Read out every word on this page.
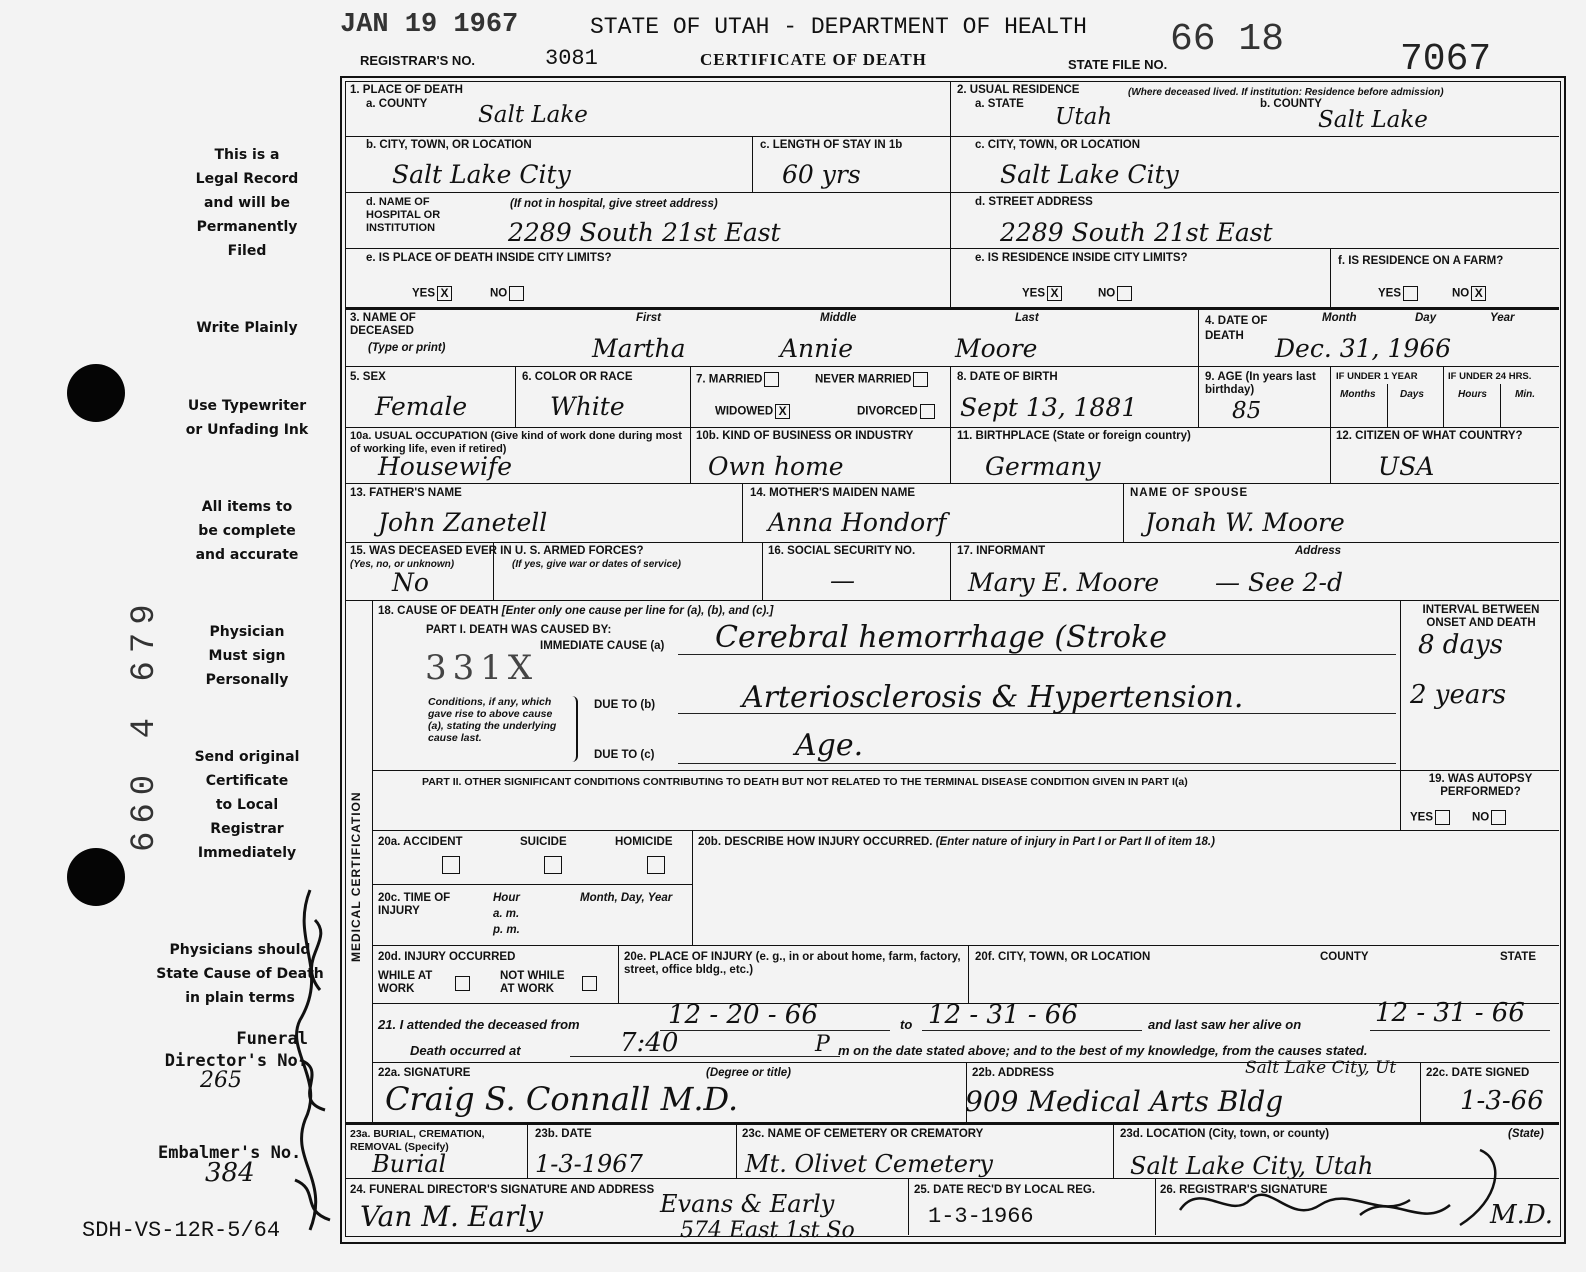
JAN 19 1967	STATE OF UTAH - DEPARTMENT OF HEALTH
REGISTRAR'S NO.	3081	CERTIFICATE OF DEATH	STATE FILE NO.
66 18	7067
This is a
Legal Record
and will be
Permanently
Filed
Write Plainly
Use Typewriter
or Unfading Ink
All items to
be complete
and accurate
Physician
Must sign
Personally
Send original
Certificate
to Local
Registrar
Immediately
Physicians should
State Cause of Death
in plain terms
660 4 679
Funeral
Director's No.
265
Embalmer's No.
384
SDH-VS-12R-5/64
1. PLACE OF DEATH
a. COUNTY Salt Lake
2. USUAL RESIDENCE	(Where deceased lived. If institution: Residence before admission)
a. STATE Utah	b. COUNTY
Salt Lake
b. CITY, TOWN, OR LOCATION
Salt Lake City
c. LENGTH OF STAY IN 1b
60 yrs
c. CITY, TOWN, OR LOCATION
Salt Lake City
d. NAME OF HOSPITAL OR INSTITUTION
(If not in hospital, give street address)
2289 South 21st East
d. STREET ADDRESS
2289 South 21st East
e. IS PLACE OF DEATH INSIDE CITY LIMITS?
YES X	NO
e. IS RESIDENCE INSIDE CITY LIMITS?
YES X	NO
f. IS RESIDENCE ON A FARM?
YES	NO X
3. NAME OF DECEASED
(Type or print)
First	Middle	Last
Martha	Annie	Moore
4. DATE OF DEATH
Month	Day	Year
Dec. 31, 1966
5. SEX
Female
6. COLOR OR RACE
White
7. MARRIED	NEVER MARRIED
WIDOWED X	DIVORCED
8. DATE OF BIRTH
Sept 13, 1881
9. AGE (In years last birthday)
85
IF UNDER 1 YEAR	IF UNDER 24 HRS.
Months Days	Hours	Min.
10a. USUAL OCCUPATION (Give kind of work done during most of working life, even if retired)
Housewife
10b. KIND OF BUSINESS OR INDUSTRY
Own home
11. BIRTHPLACE (State or foreign country)
Germany
12. CITIZEN OF WHAT COUNTRY?
USA
13. FATHER'S NAME
John Zanetell
14. MOTHER'S MAIDEN NAME
Anna Hondorf
NAME OF SPOUSE
Jonah W. Moore
15. WAS DECEASED EVER IN U. S. ARMED FORCES?
(Yes, no, or unknown)	(If yes, give war or dates of service)
No
16. SOCIAL SECURITY NO.
—
17. INFORMANT	Address
Mary E. Moore — See 2-d
MEDICAL CERTIFICATION
18. CAUSE OF DEATH [Enter only one cause per line for (a), (b), and (c).]	INTERVAL BETWEEN ONSET AND DEATH
PART I. DEATH WAS CAUSED BY:
IMMEDIATE CAUSE (a) Cerebral hemorrhage (Stroke	8 days
331X
Conditions, if any, which gave rise to above cause (a), stating the underlying cause last.
DUE TO (b)	Arteriosclerosis & Hypertension.	2 years
DUE TO (c)	Age.
PART II. OTHER SIGNIFICANT CONDITIONS CONTRIBUTING TO DEATH BUT NOT RELATED TO THE TERMINAL DISEASE CONDITION GIVEN IN PART I(a)	19. WAS AUTOPSY PERFORMED?
YES	NO
20a. ACCIDENT	SUICIDE	HOMICIDE 20b. DESCRIBE HOW INJURY OCCURRED. (Enter nature of injury in Part I or Part II of item 18.)
20c. TIME OF INJURY
Hour
a. m.
p. m.
Month, Day, Year
20d. INJURY OCCURRED
WHILE AT WORK
NOT WHILE AT WORK
20e. PLACE OF INJURY (e. g., in or about home, farm, factory, street, office bldg., etc.)
20f. CITY, TOWN, OR LOCATION	COUNTY	STATE
21. I attended the deceased from	12 - 20 - 66	to 12 - 31 - 66	and last saw her alive on	12 - 31 - 66
Death occurred at	7:40	P m on the date stated above; and to the best of my knowledge, from the causes stated.
22a. SIGNATURE	(Degree or title)
Craig S. Connall M.D.
22b. ADDRESS	Salt Lake City, Ut
909 Medical Arts Bldg
22c. DATE SIGNED
1-3-66
23a. BURIAL, CREMATION, REMOVAL (Specify)
Burial
23b. DATE
1-3-1967
23c. NAME OF CEMETERY OR CREMATORY
Mt. Olivet Cemetery
23d. LOCATION (City, town, or county)	(State)
Salt Lake City, Utah
24. FUNERAL DIRECTOR'S SIGNATURE AND ADDRESS
Van M. Early	Evans & Early
574 East 1st So
25. DATE REC'D BY LOCAL REG.
1-3-1966
26. REGISTRAR'S SIGNATURE
M.D.
